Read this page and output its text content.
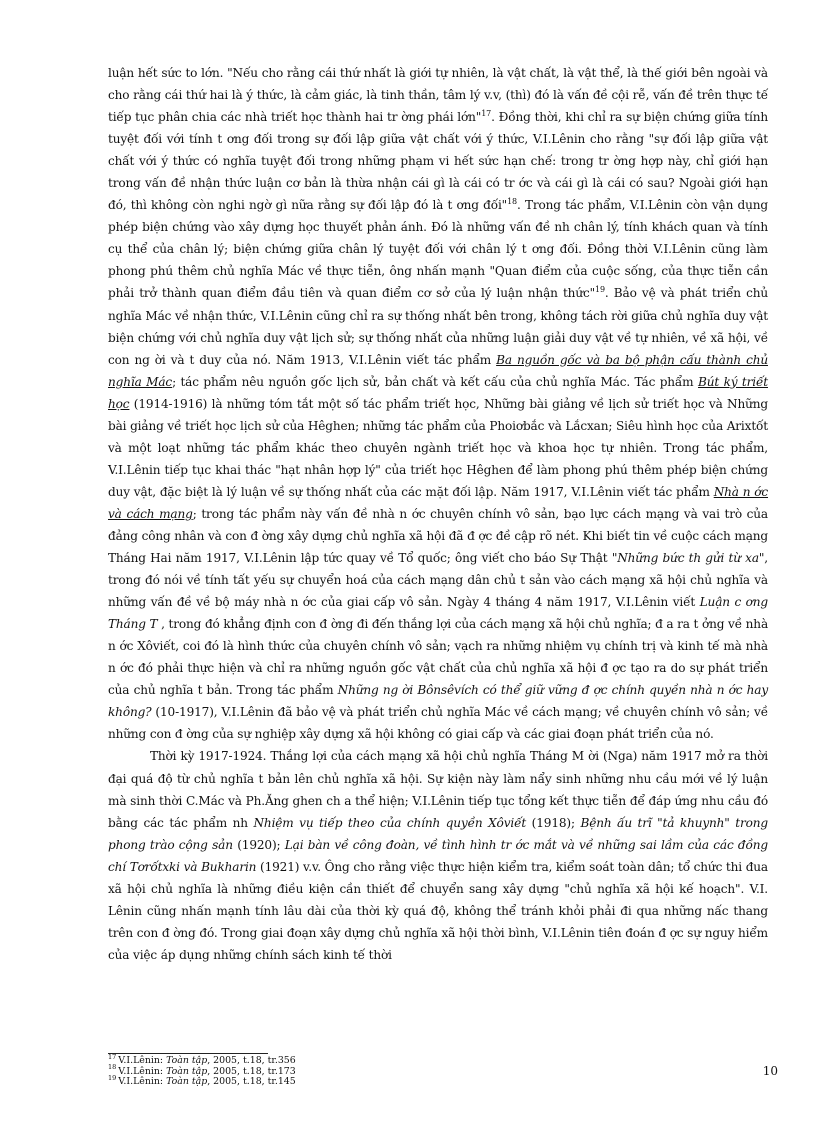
luận hết sức to lớn. "Nếu cho rằng cái thứ nhất là giới tự nhiên, là vật chất, là vật thể, là thế giới bên ngoài và cho rằng cái thứ hai là ý thức, là cảm giác, là tinh thần, tâm lý v.v, (thì) đó là vấn đề cội rễ, vấn đề trên thực tế tiếp tục phân chia các nhà triết học thành hai tr ờng phái lớn"$^{17}$. Đồng thời, khi chỉ ra sự biện chứng giữa tính tuyệt đối với tính t ơng đối trong sự đối lập giữa vật chất với ý thức, V.I.Lênin cho rằng "sự đối lập giữa vật chất với ý thức có nghĩa tuyệt đối trong những phạm vi hết sức hạn chế: trong tr ờng hợp này, chỉ giới hạn trong vấn đề nhận thức luận cơ bản là thừa nhận cái gì là cái có tr ớc và cái gì là cái có sau? Ngoài giới hạn đó, thì không còn nghi ngờ gì nữa rằng sự đối lập đó là t ơng đối"$^{18}$. Trong tác phẩm, V.I.Lênin còn vận dụng phép biện chứng vào xây dựng học thuyết phản ánh. Đó là những vấn đề nh chân lý, tính khách quan và tính cụ thể của chân lý; biện chứng giữa chân lý tuyệt đối với chân lý t ơng đối. Đồng thời V.I.Lênin cũng làm phong phú thêm chủ nghĩa Mác về thực tiễn, ông nhấn mạnh "Quan điểm của cuộc sống, của thực tiễn cần phải trở thành quan điểm đầu tiên và quan điểm cơ sở của lý luận nhận thức"$^{19}$. Bảo vệ và phát triển chủ nghĩa Mác về nhận thức, V.I.Lênin cũng chỉ ra sự thống nhất bên trong, không tách rời giữa chủ nghĩa duy vật biện chứng với chủ nghĩa duy vật lịch sử; sự thống nhất của những luận giải duy vật về tự nhiên, về xã hội, về con ng ời và t duy của nó. Năm 1913, V.I.Lênin viết tác phẩm Ba nguồn gốc và ba bộ phận cấu thành chủ nghĩa Mác; tác phẩm nêu nguồn gốc lịch sử, bản chất và kết cấu của chủ nghĩa Mác. Tác phẩm Bút ký triết học (1914-1916) là những tóm tắt một số tác phẩm triết học, Những bài giảng về lịch sử triết học và Những bài giảng về triết học lịch sử của Hêghen; những tác phẩm của Phoiơbắc và Lắcxan; Siêu hình học của Arixtốt và một loạt những tác phẩm khác theo chuyên ngành triết học và khoa học tự nhiên. Trong tác phẩm, V.I.Lênin tiếp tục khai thác "hạt nhân hợp lý" của triết học Hêghen để làm phong phú thêm phép biện chứng duy vật, đặc biệt là lý luận về sự thống nhất của các mặt đối lập. Năm 1917, V.I.Lênin viết tác phẩm Nhà n ớc và cách mạng; trong tác phẩm này vấn đề nhà n ớc chuyên chính vô sản, bạo lực cách mạng và vai trò của đảng công nhân và con đ ờng xây dựng chủ nghĩa xã hội đã đ ợc đề cập rõ nét. Khi biết tin về cuộc cách mạng Tháng Hai năm 1917, V.I.Lênin lập tức quay về Tổ quốc; ông viết cho báo Sự Thật "Những bức th gửi từ xa", trong đó nói về tính tất yếu sự chuyển hoá của cách mạng dân chủ t sản vào cách mạng xã hội chủ nghĩa và những vấn đề về bộ máy nhà n ớc của giai cấp vô sản. Ngày 4 tháng 4 năm 1917, V.I.Lênin viết Luận c ơng Tháng T , trong đó khẳng định con đ ờng đi đến thắng lợi của cách mạng xã hội chủ nghĩa; đ a ra t ởng về nhà n ớc Xôviết, coi đó là hình thức của chuyên chính vô sản; vạch ra những nhiệm vụ chính trị và kinh tế mà nhà n ớc đó phải thực hiện và chỉ ra những nguồn gốc vật chất của chủ nghĩa xã hội đ ợc tạo ra do sự phát triển của chủ nghĩa t bản. Trong tác phẩm Những ng ời Bônsêvích có thể giữ vững đ ợc chính quyền nhà n ớc hay không? (10-1917), V.I.Lênin đã bảo vệ và phát triển chủ nghĩa Mác về cách mạng; về chuyên chính vô sản; về những con đ ờng của sự nghiệp xây dựng xã hội không có giai cấp và các giai đoạn phát triển của nó.

Thời kỳ 1917-1924. Thắng lợi của cách mạng xã hội chủ nghĩa Tháng M ời (Nga) năm 1917 mở ra thời đại quá độ từ chủ nghĩa t bản lên chủ nghĩa xã hội. Sự kiện này làm nẩy sinh những nhu cầu mới về lý luận mà sinh thời C.Mác và Ph.Ăng ghen ch a thể hiện; V.I.Lênin tiếp tục tổng kết thực tiễn để đáp ứng nhu cầu đó bằng các tác phẩm nh Nhiệm vụ tiếp theo của chính quyền Xôviết (1918); Bệnh ấu trĩ "tả khuynh" trong phong trào cộng sản (1920); Lại bàn về công đoàn, về tình hình tr ớc mắt và về những sai lầm của các đồng chí Tơrốtxki và Bukharin (1921) v.v. Ông cho rằng việc thực hiện kiểm tra, kiểm soát toàn dân; tổ chức thi đua xã hội chủ nghĩa là những điều kiện cần thiết để chuyển sang xây dựng "chủ nghĩa xã hội kế hoạch". V.I. Lênin cũng nhấn mạnh tính lâu dài của thời kỳ quá độ, không thể tránh khỏi phải đi qua những nấc thang trên con đ ờng đó. Trong giai đoạn xây dựng chủ nghĩa xã hội thời bình, V.I.Lênin tiên đoán đ ợc sự nguy hiểm của việc áp dụng những chính sách kinh tế thời

$^{17}$ V.I.Lênin: Toàn tập, 2005, t.18, tr.356
$^{18}$ V.I.Lênin: Toàn tập, 2005, t.18, tr.173
$^{19}$ V.I.Lênin: Toàn tập, 2005, t.18, tr.145
10
